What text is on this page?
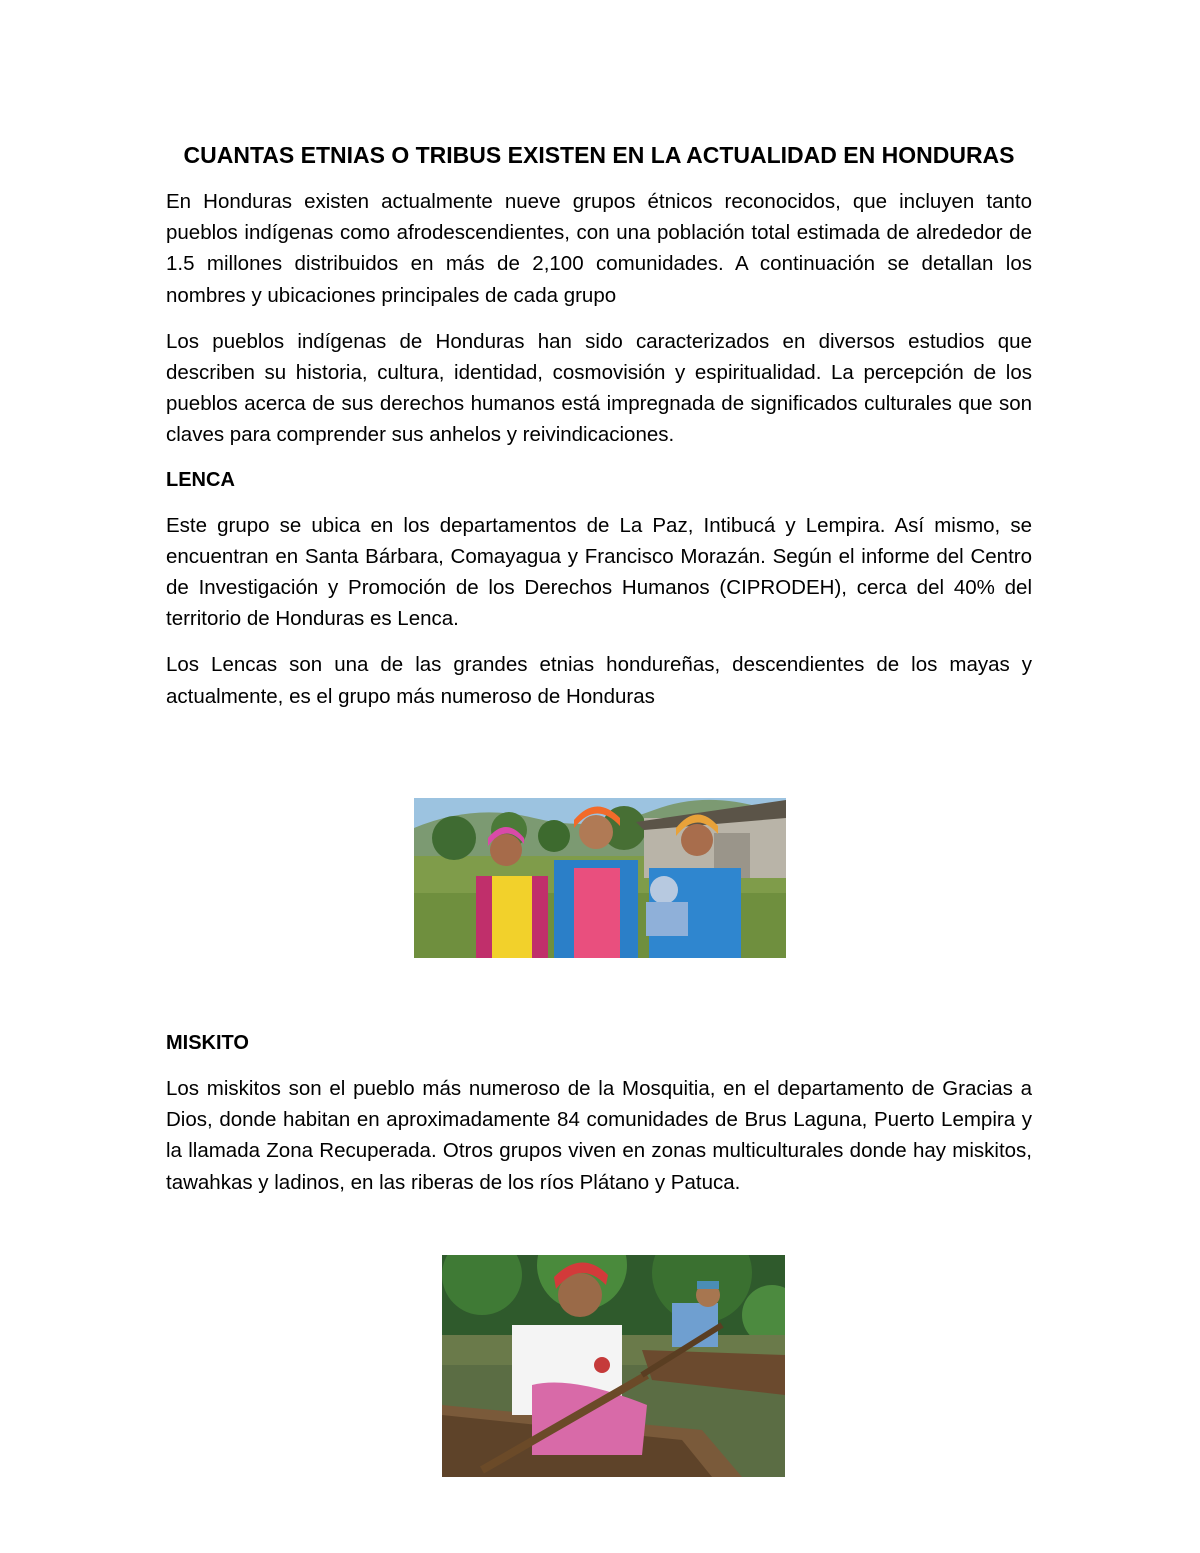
CUANTAS ETNIAS O TRIBUS EXISTEN EN LA ACTUALIDAD EN HONDURAS

En Honduras existen actualmente nueve grupos étnicos reconocidos, que incluyen tanto pueblos indígenas como afrodescendientes, con una población total estimada de alrededor de 1.5 millones distribuidos en más de 2,100 comunidades. A continuación se detallan los nombres y ubicaciones principales de cada grupo

Los pueblos indígenas de Honduras han sido caracterizados en diversos estudios que describen su historia, cultura, identidad, cosmovisión y espiritualidad. La percepción de los pueblos acerca de sus derechos humanos está impregnada de significados culturales que son claves para comprender sus anhelos y reivindicaciones.

LENCA

Este grupo se ubica en los departamentos de La Paz, Intibucá y Lempira. Así mismo, se encuentran en Santa Bárbara, Comayagua y Francisco Morazán. Según el informe del Centro de Investigación y Promoción de los Derechos Humanos (CIPRODEH), cerca del 40% del territorio de Honduras es Lenca.

Los Lencas son una de las grandes etnias hondureñas, descendientes de los mayas y actualmente, es el grupo más numeroso de Honduras

MISKITO

Los miskitos son el pueblo más numeroso de la Mosquitia, en el departamento de Gracias a Dios, donde habitan en aproximadamente 84 comunidades de Brus Laguna, Puerto Lempira y la llamada Zona Recuperada. Otros grupos viven en zonas multiculturales donde hay miskitos, tawahkas y ladinos, en las riberas de los ríos Plátano y Patuca.
